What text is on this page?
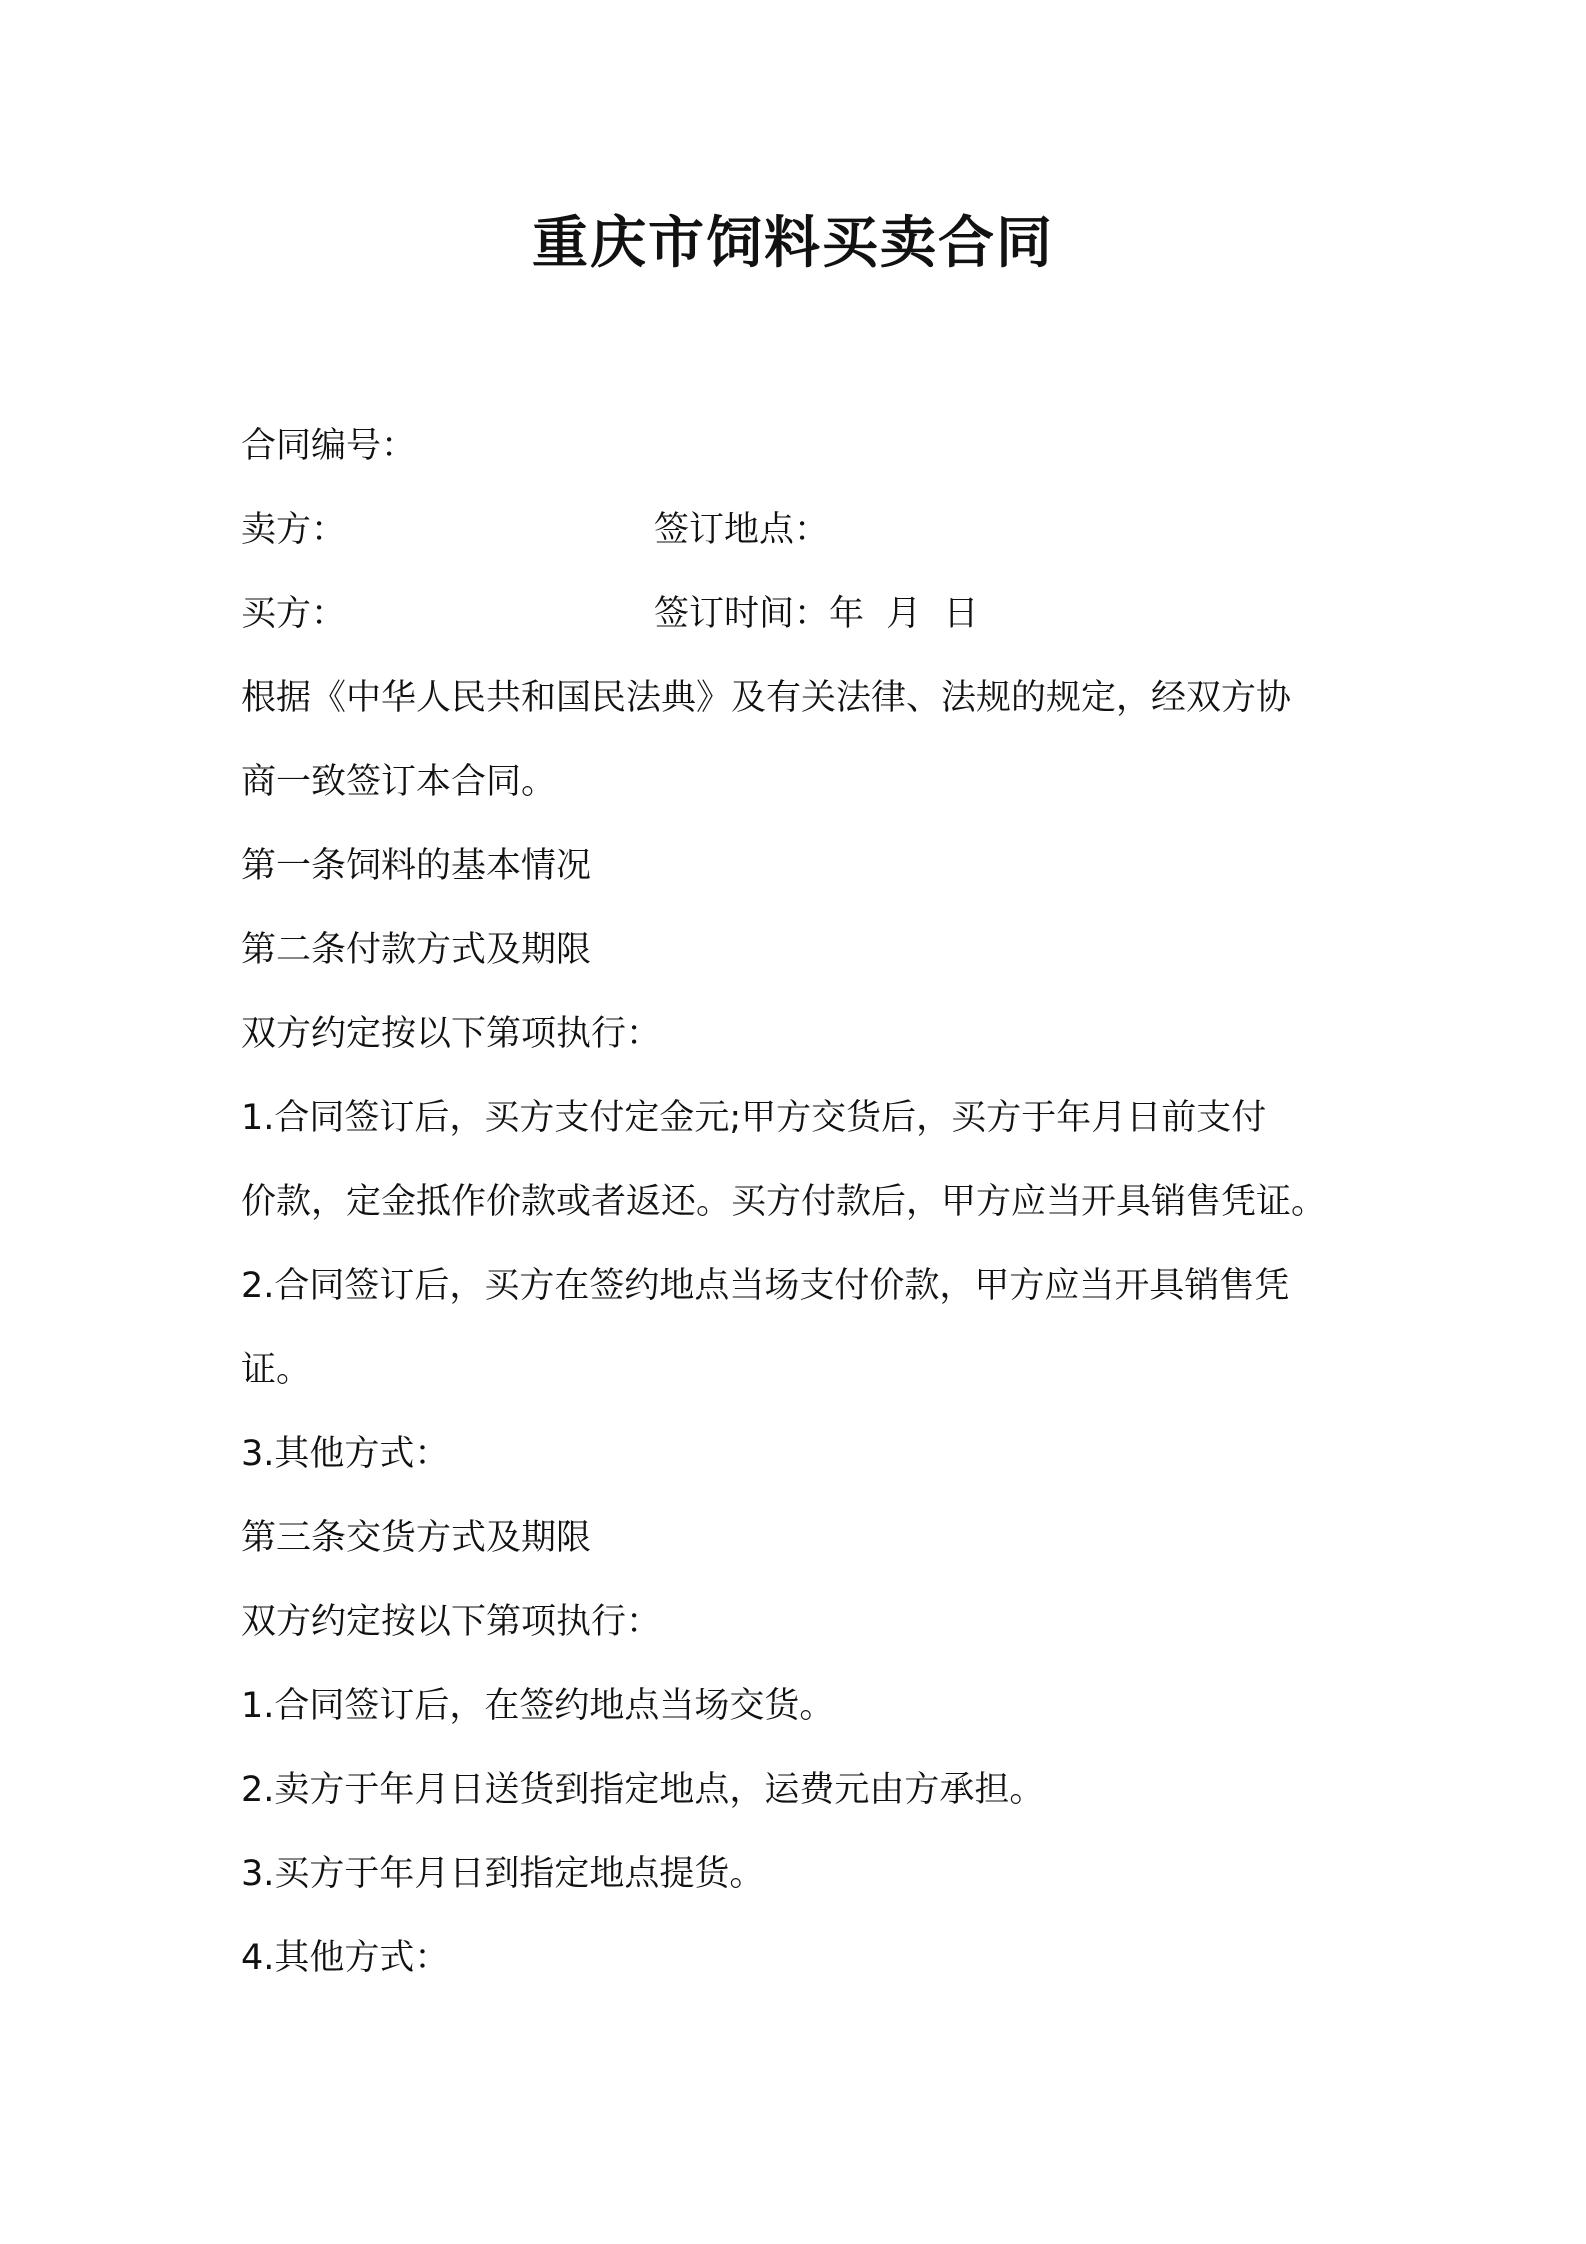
重庆市饲料买卖合同
合同编号：
卖方：	签订地点：
买方：	签订时间：年  月  日
根据《中华人民共和国民法典》及有关法律、法规的规定，经双方协
商一致签订本合同。
第一条饲料的基本情况
第二条付款方式及期限
双方约定按以下第项执行：
1.合同签订后，买方支付定金元;甲方交货后，买方于年月日前支付
价款，定金抵作价款或者返还。买方付款后，甲方应当开具销售凭证。
2.合同签订后，买方在签约地点当场支付价款，甲方应当开具销售凭
证。
3.其他方式：
第三条交货方式及期限
双方约定按以下第项执行：
1.合同签订后，在签约地点当场交货。
2.卖方于年月日送货到指定地点，运费元由方承担。
3.买方于年月日到指定地点提货。
4.其他方式：
